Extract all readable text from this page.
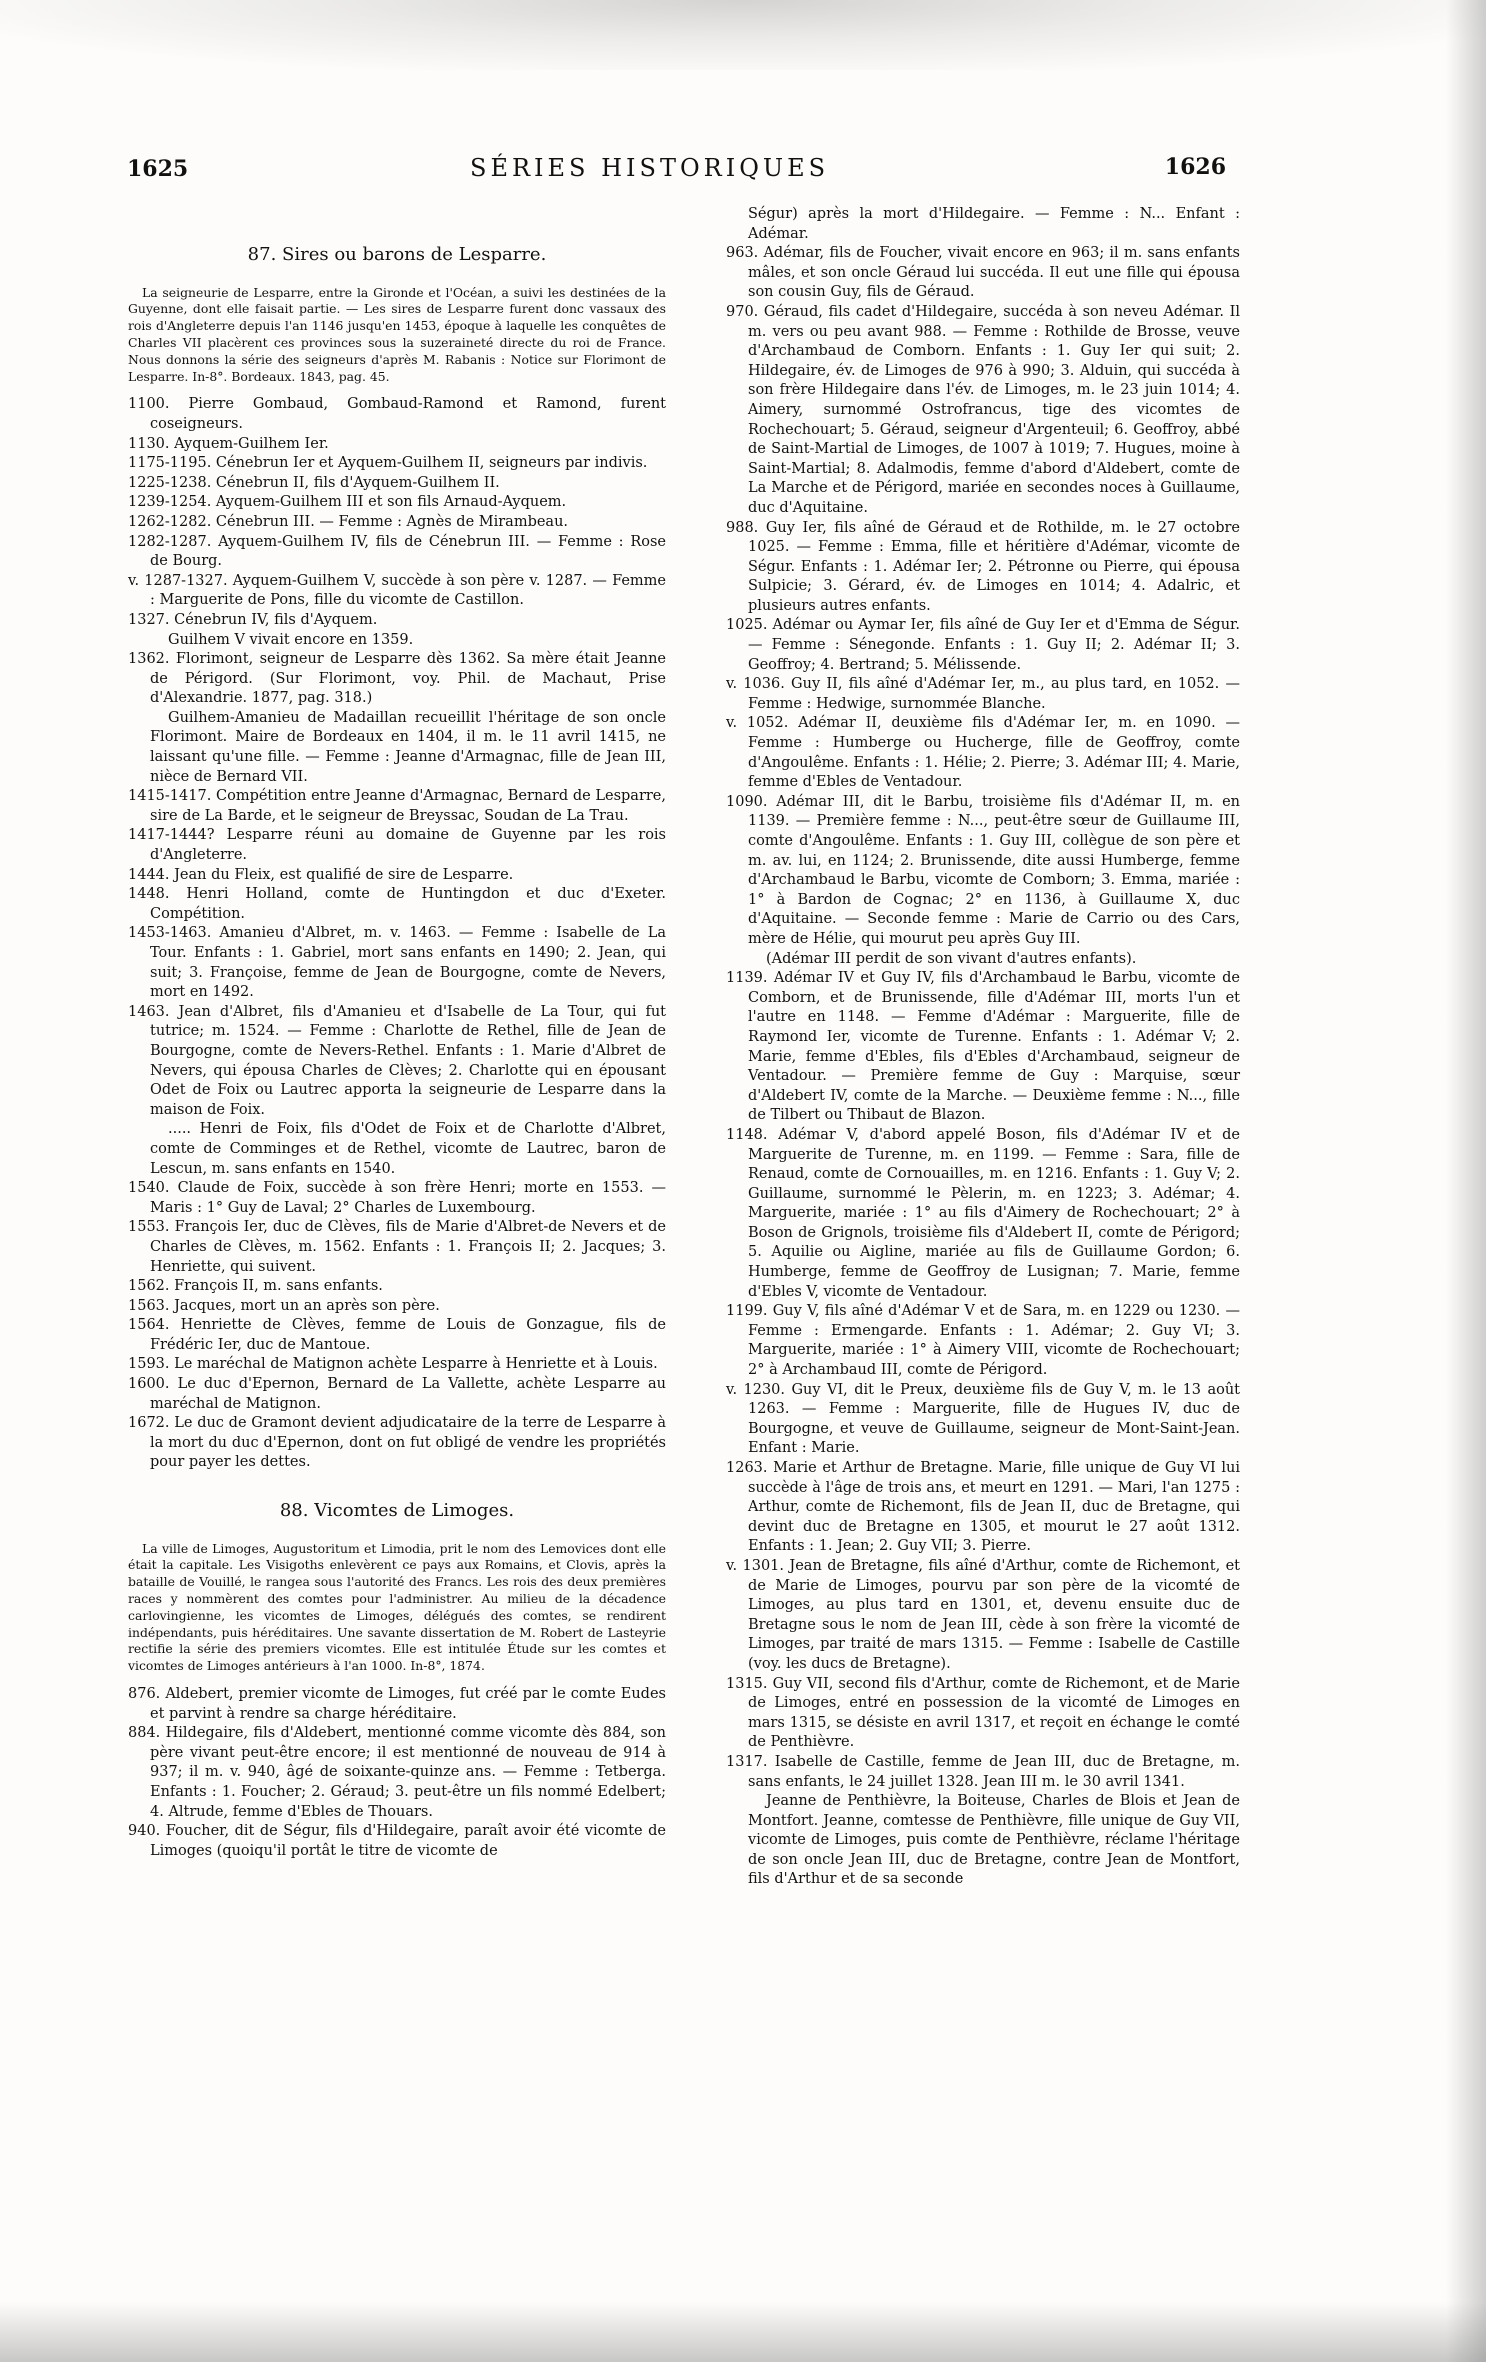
1625	SÉRIES HISTORIQUES	1626
87. Sires ou barons de Lesparre.

La seigneurie de Lesparre, entre la Gironde et l'Océan, a suivi les destinées de la Guyenne, dont elle faisait partie. — Les sires de Lesparre furent donc vassaux des rois d'Angleterre depuis l'an 1146 jusqu'en 1453, époque à laquelle les conquêtes de Charles VII placèrent ces provinces sous la suzeraineté directe du roi de France. Nous donnons la série des seigneurs d'après M. Rabanis : Notice sur Florimont de Lesparre. In-8°. Bordeaux. 1843, pag. 45.

1100. Pierre Gombaud, Gombaud-Ramond et Ramond, furent coseigneurs.

1130. Ayquem-Guilhem Ier.

1175-1195. Cénebrun Ier et Ayquem-Guilhem II, seigneurs par indivis.

1225-1238. Cénebrun II, fils d'Ayquem-Guilhem II.

1239-1254. Ayquem-Guilhem III et son fils Arnaud-Ayquem.

1262-1282. Cénebrun III. — Femme : Agnès de Mirambeau.

1282-1287. Ayquem-Guilhem IV, fils de Cénebrun III. — Femme : Rose de Bourg.

v. 1287-1327. Ayquem-Guilhem V, succède à son père v. 1287. — Femme : Marguerite de Pons, fille du vicomte de Castillon.

1327. Cénebrun IV, fils d'Ayquem.

Guilhem V vivait encore en 1359.

1362. Florimont, seigneur de Lesparre dès 1362. Sa mère était Jeanne de Périgord. (Sur Florimont, voy. Phil. de Machaut, Prise d'Alexandrie. 1877, pag. 318.)

Guilhem-Amanieu de Madaillan recueillit l'héritage de son oncle Florimont. Maire de Bordeaux en 1404, il m. le 11 avril 1415, ne laissant qu'une fille. — Femme : Jeanne d'Armagnac, fille de Jean III, nièce de Bernard VII.

1415-1417. Compétition entre Jeanne d'Armagnac, Bernard de Lesparre, sire de La Barde, et le seigneur de Breyssac, Soudan de La Trau.

1417-1444? Lesparre réuni au domaine de Guyenne par les rois d'Angleterre.

1444. Jean du Fleix, est qualifié de sire de Lesparre.

1448. Henri Holland, comte de Huntingdon et duc d'Exeter. Compétition.

1453-1463. Amanieu d'Albret, m. v. 1463. — Femme : Isabelle de La Tour. Enfants : 1. Gabriel, mort sans enfants en 1490; 2. Jean, qui suit; 3. Françoise, femme de Jean de Bourgogne, comte de Nevers, mort en 1492.

1463. Jean d'Albret, fils d'Amanieu et d'Isabelle de La Tour, qui fut tutrice; m. 1524. — Femme : Charlotte de Rethel, fille de Jean de Bourgogne, comte de Nevers-Rethel. Enfants : 1. Marie d'Albret de Nevers, qui épousa Charles de Clèves; 2. Charlotte qui en épousant Odet de Foix ou Lautrec apporta la seigneurie de Lesparre dans la maison de Foix.

..... Henri de Foix, fils d'Odet de Foix et de Charlotte d'Albret, comte de Comminges et de Rethel, vicomte de Lautrec, baron de Lescun, m. sans enfants en 1540.

1540. Claude de Foix, succède à son frère Henri; morte en 1553. — Maris : 1° Guy de Laval; 2° Charles de Luxembourg.

1553. François Ier, duc de Clèves, fils de Marie d'Albret-de Nevers et de Charles de Clèves, m. 1562. Enfants : 1. François II; 2. Jacques; 3. Henriette, qui suivent.

1562. François II, m. sans enfants.

1563. Jacques, mort un an après son père.

1564. Henriette de Clèves, femme de Louis de Gonzague, fils de Frédéric Ier, duc de Mantoue.

1593. Le maréchal de Matignon achète Lesparre à Henriette et à Louis.

1600. Le duc d'Epernon, Bernard de La Vallette, achète Lesparre au maréchal de Matignon.

1672. Le duc de Gramont devient adjudicataire de la terre de Lesparre à la mort du duc d'Epernon, dont on fut obligé de vendre les propriétés pour payer les dettes.

88. Vicomtes de Limoges.

La ville de Limoges, Augustoritum et Limodia, prit le nom des Lemovices dont elle était la capitale. Les Visigoths enlevèrent ce pays aux Romains, et Clovis, après la bataille de Vouillé, le rangea sous l'autorité des Francs. Les rois des deux premières races y nommèrent des comtes pour l'administrer. Au milieu de la décadence carlovingienne, les vicomtes de Limoges, délégués des comtes, se rendirent indépendants, puis héréditaires. Une savante dissertation de M. Robert de Lasteyrie rectifie la série des premiers vicomtes. Elle est intitulée Étude sur les comtes et vicomtes de Limoges antérieurs à l'an 1000. In-8°, 1874.

876. Aldebert, premier vicomte de Limoges, fut créé par le comte Eudes et parvint à rendre sa charge héréditaire.

884. Hildegaire, fils d'Aldebert, mentionné comme vicomte dès 884, son père vivant peut-être encore; il est mentionné de nouveau de 914 à 937; il m. v. 940, âgé de soixante-quinze ans. — Femme : Tetberga. Enfants : 1. Foucher; 2. Géraud; 3. peut-être un fils nommé Edelbert; 4. Altrude, femme d'Ebles de Thouars.

940. Foucher, dit de Ségur, fils d'Hildegaire, paraît avoir été vicomte de Limoges (quoiqu'il portât le titre de vicomte de

Ségur) après la mort d'Hildegaire. — Femme : N... Enfant : Adémar.

963. Adémar, fils de Foucher, vivait encore en 963; il m. sans enfants mâles, et son oncle Géraud lui succéda. Il eut une fille qui épousa son cousin Guy, fils de Géraud.

970. Géraud, fils cadet d'Hildegaire, succéda à son neveu Adémar. Il m. vers ou peu avant 988. — Femme : Rothilde de Brosse, veuve d'Archambaud de Comborn. Enfants : 1. Guy Ier qui suit; 2. Hildegaire, év. de Limoges de 976 à 990; 3. Alduin, qui succéda à son frère Hildegaire dans l'év. de Limoges, m. le 23 juin 1014; 4. Aimery, surnommé Ostrofrancus, tige des vicomtes de Rochechouart; 5. Géraud, seigneur d'Argenteuil; 6. Geoffroy, abbé de Saint-Martial de Limoges, de 1007 à 1019; 7. Hugues, moine à Saint-Martial; 8. Adalmodis, femme d'abord d'Aldebert, comte de La Marche et de Périgord, mariée en secondes noces à Guillaume, duc d'Aquitaine.

988. Guy Ier, fils aîné de Géraud et de Rothilde, m. le 27 octobre 1025. — Femme : Emma, fille et héritière d'Adémar, vicomte de Ségur. Enfants : 1. Adémar Ier; 2. Pétronne ou Pierre, qui épousa Sulpicie; 3. Gérard, év. de Limoges en 1014; 4. Adalric, et plusieurs autres enfants.

1025. Adémar ou Aymar Ier, fils aîné de Guy Ier et d'Emma de Ségur. — Femme : Sénegonde. Enfants : 1. Guy II; 2. Adémar II; 3. Geoffroy; 4. Bertrand; 5. Mélissende.

v. 1036. Guy II, fils aîné d'Adémar Ier, m., au plus tard, en 1052. — Femme : Hedwige, surnommée Blanche.

v. 1052. Adémar II, deuxième fils d'Adémar Ier, m. en 1090. — Femme : Humberge ou Hucherge, fille de Geoffroy, comte d'Angoulême. Enfants : 1. Hélie; 2. Pierre; 3. Adémar III; 4. Marie, femme d'Ebles de Ventadour.

1090. Adémar III, dit le Barbu, troisième fils d'Adémar II, m. en 1139. — Première femme : N..., peut-être sœur de Guillaume III, comte d'Angoulême. Enfants : 1. Guy III, collègue de son père et m. av. lui, en 1124; 2. Brunissende, dite aussi Humberge, femme d'Archambaud le Barbu, vicomte de Comborn; 3. Emma, mariée : 1° à Bardon de Cognac; 2° en 1136, à Guillaume X, duc d'Aquitaine. — Seconde femme : Marie de Carrio ou des Cars, mère de Hélie, qui mourut peu après Guy III.

(Adémar III perdit de son vivant d'autres enfants).

1139. Adémar IV et Guy IV, fils d'Archambaud le Barbu, vicomte de Comborn, et de Brunissende, fille d'Adémar III, morts l'un et l'autre en 1148. — Femme d'Adémar : Marguerite, fille de Raymond Ier, vicomte de Turenne. Enfants : 1. Adémar V; 2. Marie, femme d'Ebles, fils d'Ebles d'Archambaud, seigneur de Ventadour. — Première femme de Guy : Marquise, sœur d'Aldebert IV, comte de la Marche. — Deuxième femme : N..., fille de Tilbert ou Thibaut de Blazon.

1148. Adémar V, d'abord appelé Boson, fils d'Adémar IV et de Marguerite de Turenne, m. en 1199. — Femme : Sara, fille de Renaud, comte de Cornouailles, m. en 1216. Enfants : 1. Guy V; 2. Guillaume, surnommé le Pèlerin, m. en 1223; 3. Adémar; 4. Marguerite, mariée : 1° au fils d'Aimery de Rochechouart; 2° à Boson de Grignols, troisième fils d'Aldebert II, comte de Périgord; 5. Aquilie ou Aigline, mariée au fils de Guillaume Gordon; 6. Humberge, femme de Geoffroy de Lusignan; 7. Marie, femme d'Ebles V, vicomte de Ventadour.

1199. Guy V, fils aîné d'Adémar V et de Sara, m. en 1229 ou 1230. — Femme : Ermengarde. Enfants : 1. Adémar; 2. Guy VI; 3. Marguerite, mariée : 1° à Aimery VIII, vicomte de Rochechouart; 2° à Archambaud III, comte de Périgord.

v. 1230. Guy VI, dit le Preux, deuxième fils de Guy V, m. le 13 août 1263. — Femme : Marguerite, fille de Hugues IV, duc de Bourgogne, et veuve de Guillaume, seigneur de Mont-Saint-Jean. Enfant : Marie.

1263. Marie et Arthur de Bretagne. Marie, fille unique de Guy VI lui succède à l'âge de trois ans, et meurt en 1291. — Mari, l'an 1275 : Arthur, comte de Richemont, fils de Jean II, duc de Bretagne, qui devint duc de Bretagne en 1305, et mourut le 27 août 1312. Enfants : 1. Jean; 2. Guy VII; 3. Pierre.

v. 1301. Jean de Bretagne, fils aîné d'Arthur, comte de Richemont, et de Marie de Limoges, pourvu par son père de la vicomté de Limoges, au plus tard en 1301, et, devenu ensuite duc de Bretagne sous le nom de Jean III, cède à son frère la vicomté de Limoges, par traité de mars 1315. — Femme : Isabelle de Castille (voy. les ducs de Bretagne).

1315. Guy VII, second fils d'Arthur, comte de Richemont, et de Marie de Limoges, entré en possession de la vicomté de Limoges en mars 1315, se désiste en avril 1317, et reçoit en échange le comté de Penthièvre.

1317. Isabelle de Castille, femme de Jean III, duc de Bretagne, m. sans enfants, le 24 juillet 1328. Jean III m. le 30 avril 1341.

Jeanne de Penthièvre, la Boiteuse, Charles de Blois et Jean de Montfort. Jeanne, comtesse de Penthièvre, fille unique de Guy VII, vicomte de Limoges, puis comte de Penthièvre, réclame l'héritage de son oncle Jean III, duc de Bretagne, contre Jean de Montfort, fils d'Arthur et de sa seconde
